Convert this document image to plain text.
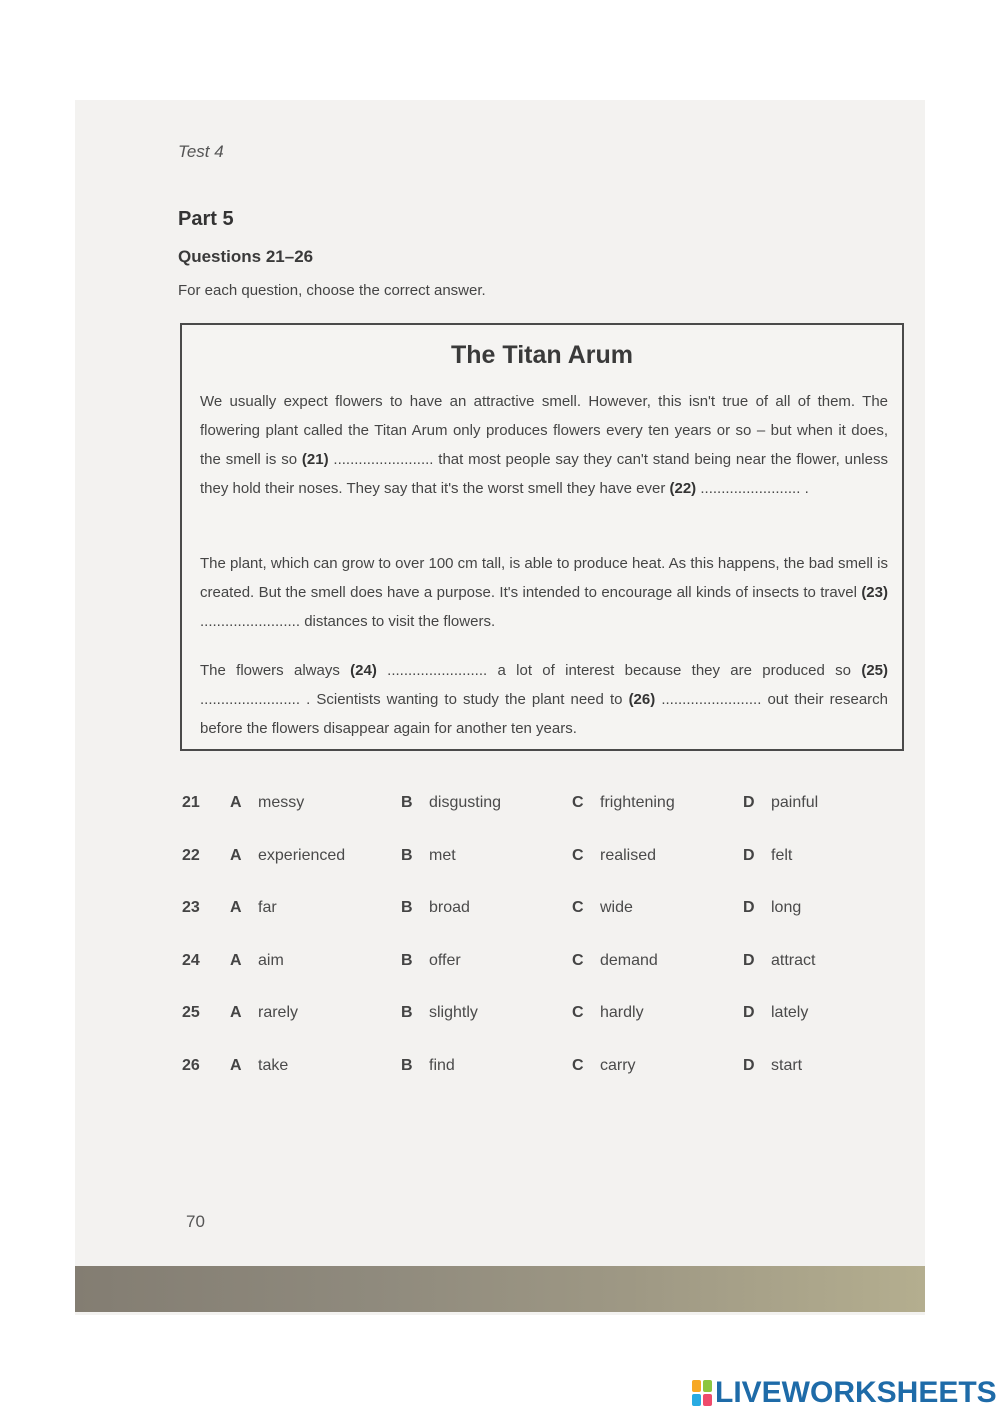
Test 4
Part 5
Questions 21–26
For each question, choose the correct answer.
The Titan Arum
We usually expect flowers to have an attractive smell. However, this isn't true of all of them. The flowering plant called the Titan Arum only produces flowers every ten years or so – but when it does, the smell is so (21) ........................ that most people say they can't stand being near the flower, unless they hold their noses. They say that it's the worst smell they have ever (22) ........................ .
The plant, which can grow to over 100 cm tall, is able to produce heat. As this happens, the bad smell is created. But the smell does have a purpose. It's intended to encourage all kinds of insects to travel (23) ........................ distances to visit the flowers.
The flowers always (24) ........................ a lot of interest because they are produced so (25) ........................ . Scientists wanting to study the plant need to (26) ........................ out their research before the flowers disappear again for another ten years.
21 A messy	B disgusting	C frightening	D painful
22 A experienced	B met	C realised	D felt
23 A far	B broad	C wide	D long
24 A aim	B offer	C demand	D attract
25 A rarely	B slightly	C hardly	D lately
26 A take	B find	C carry	D start
70
LIVEWORKSHEETS
